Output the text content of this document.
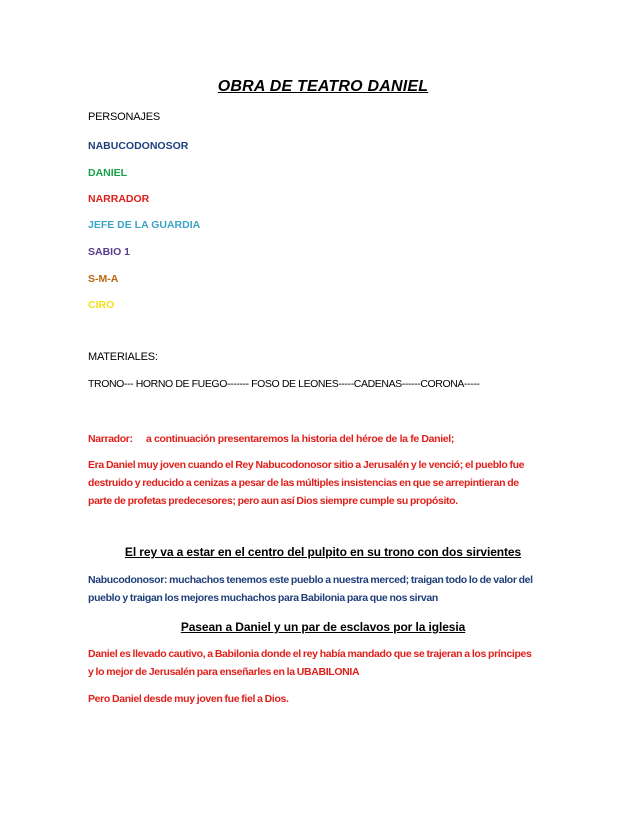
OBRA DE TEATRO DANIEL
PERSONAJES
NABUCODONOSOR
DANIEL
NARRADOR
JEFE DE LA GUARDIA
SABIO 1
S-M-A
CIRO
MATERIALES:
TRONO--- HORNO DE FUEGO------- FOSO DE LEONES-----CADENAS------CORONA-----
Narrador: a continuación presentaremos la historia del héroe de la fe Daniel;
Era Daniel muy joven cuando el Rey Nabucodonosor sitio a Jerusalén y le venció; el pueblo fue
destruido y reducido a cenizas a pesar de las múltiples insistencias en que se arrepintieran de
parte de profetas predecesores; pero aun así Dios siempre cumple su propósito.
El rey va a estar en el centro del pulpito en su trono con dos sirvientes
Nabucodonosor: muchachos tenemos este pueblo a nuestra merced; traigan todo lo de valor del
pueblo y traigan los mejores muchachos para Babilonia para que nos sirvan
Pasean a Daniel y un par de esclavos por la iglesia
Daniel es llevado cautivo, a Babilonia donde el rey había mandado que se trajeran a los príncipes
y lo mejor de Jerusalén para enseñarles en la UBABILONIA
Pero Daniel desde muy joven fue fiel a Dios.
